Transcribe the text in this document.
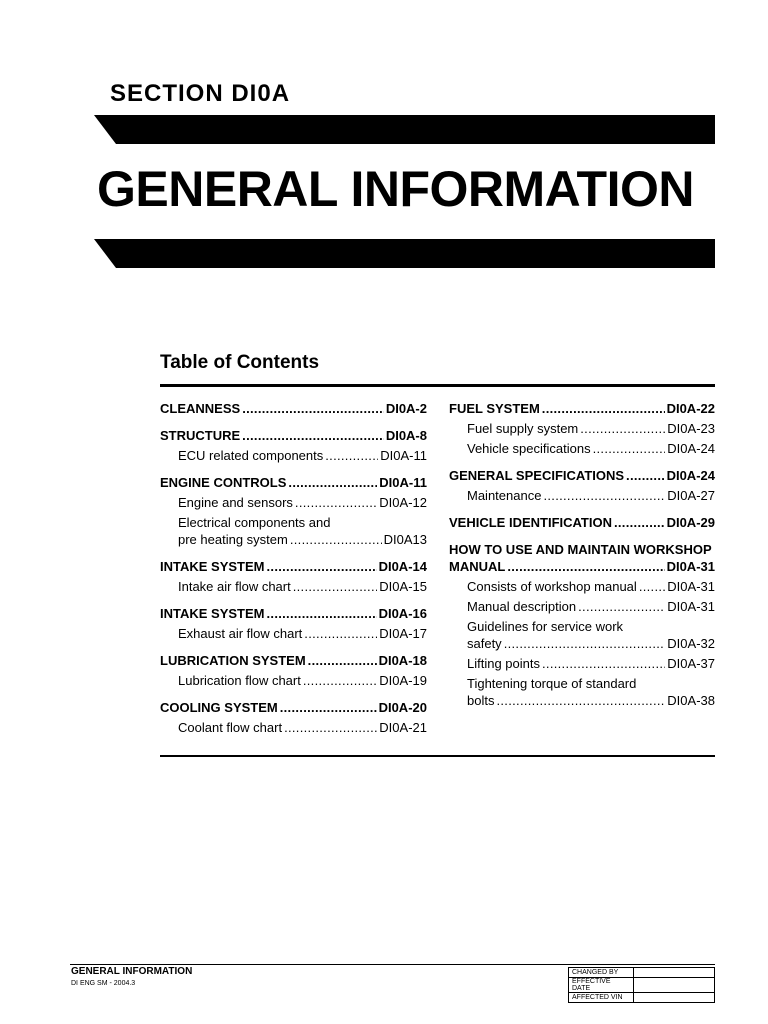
SECTION DI0A
GENERAL INFORMATION
Table of Contents
CLEANNESS .....	DI0A-2
STRUCTURE .....	DI0A-8
ECU related components .....	DI0A-11
ENGINE CONTROLS .....	DI0A-11
Engine and sensors .....	DI0A-12
Electrical components and
pre heating system .....	DI0A13
INTAKE SYSTEM .....	DI0A-14
Intake air flow chart .....	DI0A-15
INTAKE SYSTEM .....	DI0A-16
Exhaust air flow chart .....	DI0A-17
LUBRICATION SYSTEM .....	DI0A-18
Lubrication flow chart .....	DI0A-19
COOLING SYSTEM .....	DI0A-20
Coolant flow chart .....	DI0A-21
FUEL SYSTEM .....	DI0A-22
Fuel supply system .....	DI0A-23
Vehicle specifications .....	DI0A-24
GENERAL SPECIFICATIONS .....	DI0A-24
Maintenance .....	DI0A-27
VEHICLE IDENTIFICATION .....	DI0A-29
HOW TO USE AND MAINTAIN WORKSHOP
MANUAL .....	DI0A-31
Consists of workshop manual ..... DI0A-31
Manual description .....	DI0A-31
Guidelines for service work
safety .....	DI0A-32
Lifting points .....	DI0A-37
Tightening torque of standard
bolts .....	DI0A-38
GENERAL INFORMATION
DI ENG SM - 2004.3
CHANGED BY	
EFFECTIVE DATE	
AFFECTED VIN	
